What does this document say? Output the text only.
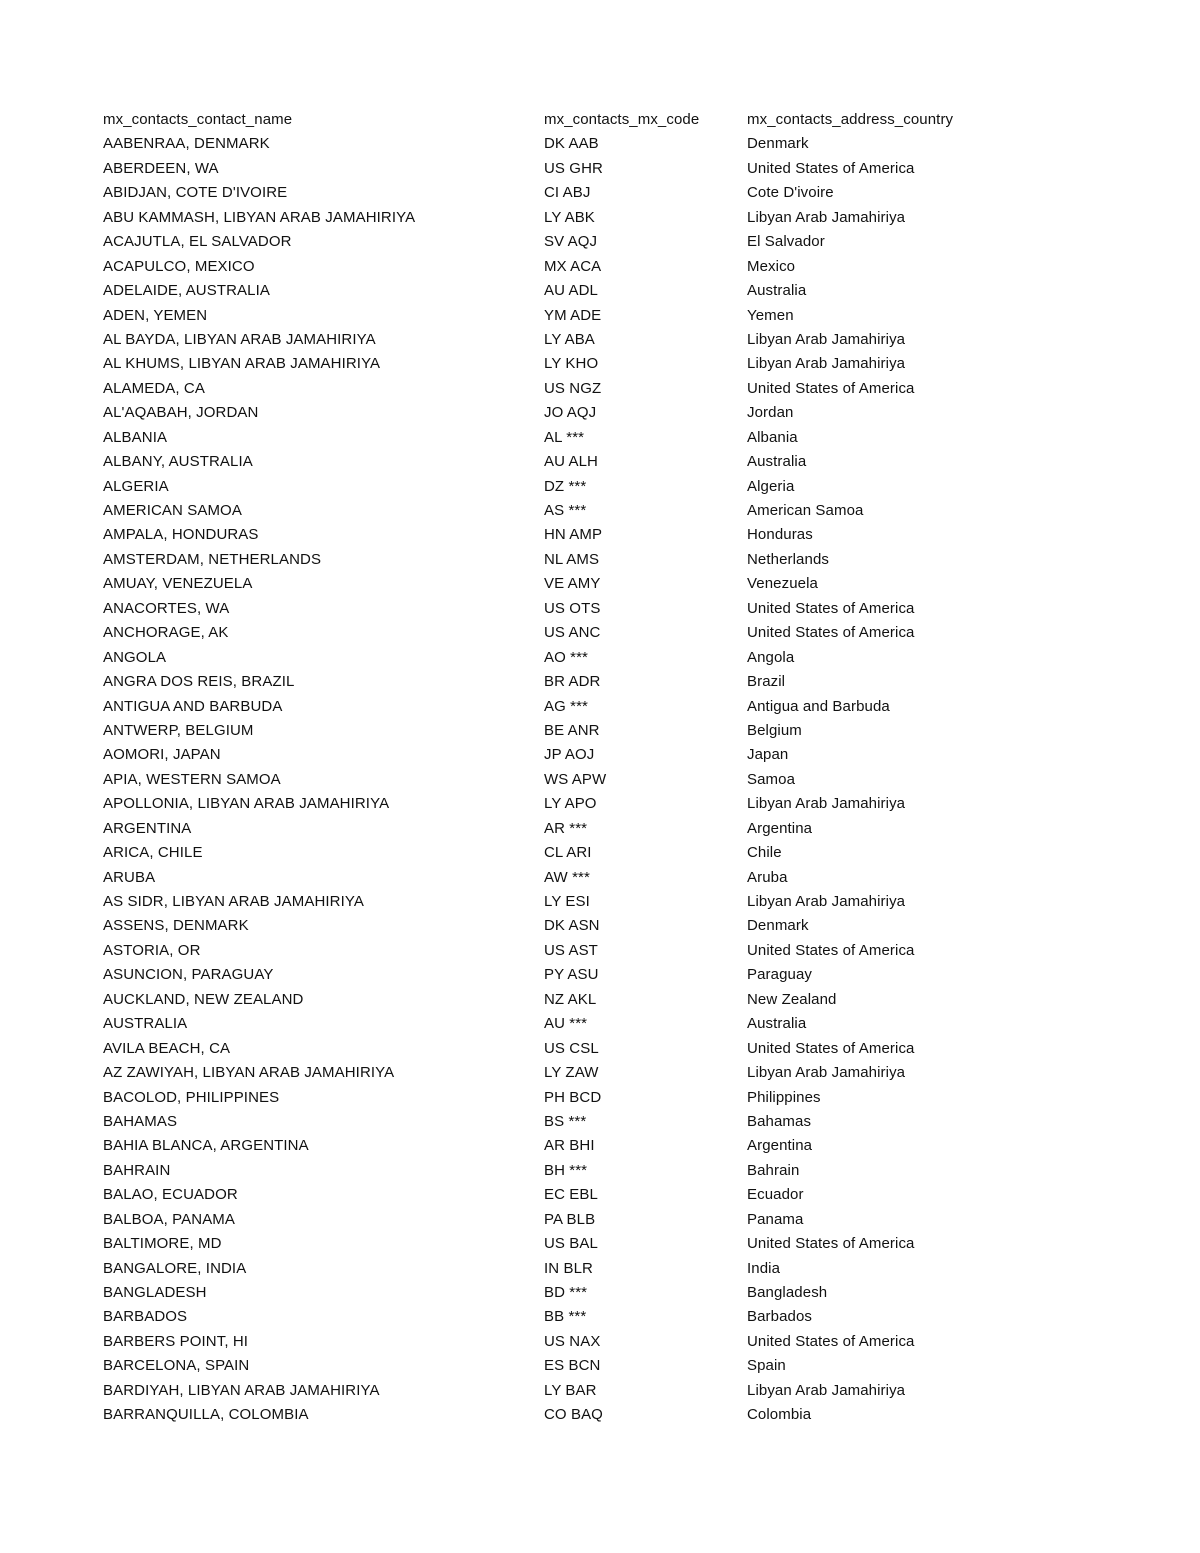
mx_contacts_contact_name	mx_contacts_mx_code	mx_contacts_address_country
AABENRAA, DENMARK	DK AAB	Denmark
ABERDEEN, WA	US GHR	United States of America
ABIDJAN, COTE D'IVOIRE	CI ABJ	Cote D'ivoire
ABU KAMMASH, LIBYAN ARAB JAMAHIRIYA	LY ABK	Libyan Arab Jamahiriya
ACAJUTLA, EL SALVADOR	SV AQJ	El Salvador
ACAPULCO, MEXICO	MX ACA	Mexico
ADELAIDE, AUSTRALIA	AU ADL	Australia
ADEN, YEMEN	YM ADE	Yemen
AL BAYDA, LIBYAN ARAB JAMAHIRIYA	LY ABA	Libyan Arab Jamahiriya
AL KHUMS, LIBYAN ARAB JAMAHIRIYA	LY KHO	Libyan Arab Jamahiriya
ALAMEDA, CA	US NGZ	United States of America
AL'AQABAH, JORDAN	JO AQJ	Jordan
ALBANIA	AL ***	Albania
ALBANY, AUSTRALIA	AU ALH	Australia
ALGERIA	DZ ***	Algeria
AMERICAN SAMOA	AS ***	American Samoa
AMPALA, HONDURAS	HN AMP	Honduras
AMSTERDAM, NETHERLANDS	NL AMS	Netherlands
AMUAY, VENEZUELA	VE AMY	Venezuela
ANACORTES, WA	US OTS	United States of America
ANCHORAGE, AK	US ANC	United States of America
ANGOLA	AO ***	Angola
ANGRA DOS REIS, BRAZIL	BR ADR	Brazil
ANTIGUA AND BARBUDA	AG ***	Antigua and Barbuda
ANTWERP, BELGIUM	BE ANR	Belgium
AOMORI, JAPAN	JP AOJ	Japan
APIA, WESTERN SAMOA	WS APW	Samoa
APOLLONIA, LIBYAN ARAB JAMAHIRIYA	LY APO	Libyan Arab Jamahiriya
ARGENTINA	AR ***	Argentina
ARICA, CHILE	CL ARI	Chile
ARUBA	AW ***	Aruba
AS SIDR, LIBYAN ARAB JAMAHIRIYA	LY ESI	Libyan Arab Jamahiriya
ASSENS, DENMARK	DK ASN	Denmark
ASTORIA, OR	US AST	United States of America
ASUNCION, PARAGUAY	PY ASU	Paraguay
AUCKLAND, NEW ZEALAND	NZ AKL	New Zealand
AUSTRALIA	AU ***	Australia
AVILA BEACH, CA	US CSL	United States of America
AZ ZAWIYAH, LIBYAN ARAB JAMAHIRIYA	LY ZAW	Libyan Arab Jamahiriya
BACOLOD, PHILIPPINES	PH BCD	Philippines
BAHAMAS	BS ***	Bahamas
BAHIA BLANCA, ARGENTINA	AR BHI	Argentina
BAHRAIN	BH ***	Bahrain
BALAO, ECUADOR	EC EBL	Ecuador
BALBOA, PANAMA	PA BLB	Panama
BALTIMORE, MD	US BAL	United States of America
BANGALORE, INDIA	IN BLR	India
BANGLADESH	BD ***	Bangladesh
BARBADOS	BB ***	Barbados
BARBERS POINT, HI	US NAX	United States of America
BARCELONA, SPAIN	ES BCN	Spain
BARDIYAH, LIBYAN ARAB JAMAHIRIYA	LY BAR	Libyan Arab Jamahiriya
BARRANQUILLA, COLOMBIA	CO BAQ	Colombia
